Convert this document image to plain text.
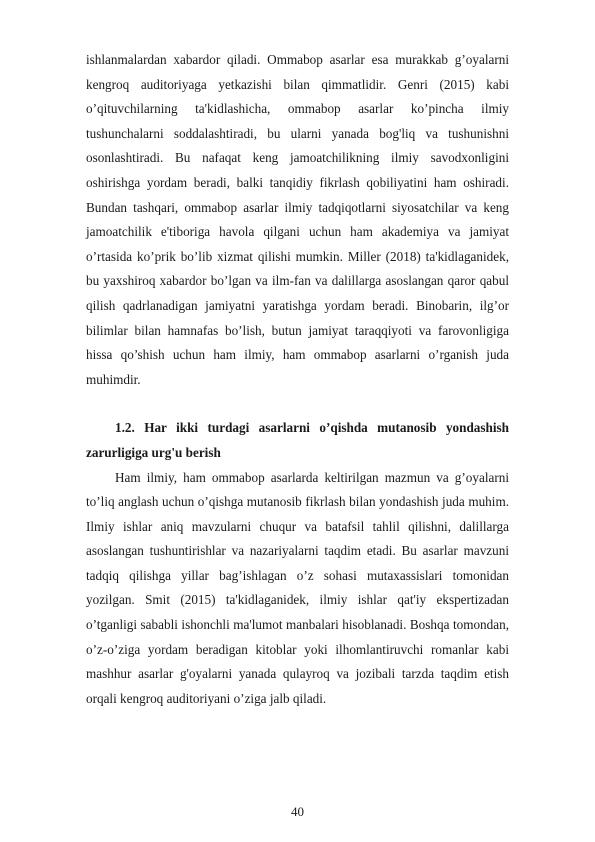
ishlanmalardan xabardor qiladi. Ommabop asarlar esa murakkab g’oyalarni kengroq auditoriyaga yetkazishi bilan qimmatlidir. Genri (2015) kabi o’qituvchilarning ta'kidlashicha, ommabop asarlar ko’pincha ilmiy tushunchalarni soddalashtiradi, bu ularni yanada bog'liq va tushunishni osonlashtiradi. Bu nafaqat keng jamoatchilikning ilmiy savodxonligini oshirishga yordam beradi, balki tanqidiy fikrlash qobiliyatini ham oshiradi. Bundan tashqari, ommabop asarlar ilmiy tadqiqotlarni siyosatchilar va keng jamoatchilik e'tiboriga havola qilgani uchun ham akademiya va jamiyat o’rtasida ko’prik bo’lib xizmat qilishi mumkin. Miller (2018) ta'kidlaganidek, bu yaxshiroq xabardor bo’lgan va ilm-fan va dalillarga asoslangan qaror qabul qilish qadrlanadigan jamiyatni yaratishga yordam beradi. Binobarin, ilg’or bilimlar bilan hamnafas bo’lish, butun jamiyat taraqqiyoti va farovonligiga hissa qo’shish uchun ham ilmiy, ham ommabop asarlarni o’rganish juda muhimdir.

1.2. Har ikki turdagi asarlarni o’qishda mutanosib yondashish zarurligiga urg'u berish

Ham ilmiy, ham ommabop asarlarda keltirilgan mazmun va g’oyalarni to’liq anglash uchun o’qishga mutanosib fikrlash bilan yondashish juda muhim. Ilmiy ishlar aniq mavzularni chuqur va batafsil tahlil qilishni, dalillarga asoslangan tushuntirishlar va nazariyalarni taqdim etadi. Bu asarlar mavzuni tadqiq qilishga yillar bag’ishlagan o’z sohasi mutaxassislari tomonidan yozilgan. Smit (2015) ta'kidlaganidek, ilmiy ishlar qat'iy ekspertizadan o’tganligi sababli ishonchli ma'lumot manbalari hisoblanadi. Boshqa tomondan, o’z-o’ziga yordam beradigan kitoblar yoki ilhomlantiruvchi romanlar kabi mashhur asarlar g'oyalarni yanada qulayroq va jozibali tarzda taqdim etish orqali kengroq auditoriyani o’ziga jalb qiladi.

40
